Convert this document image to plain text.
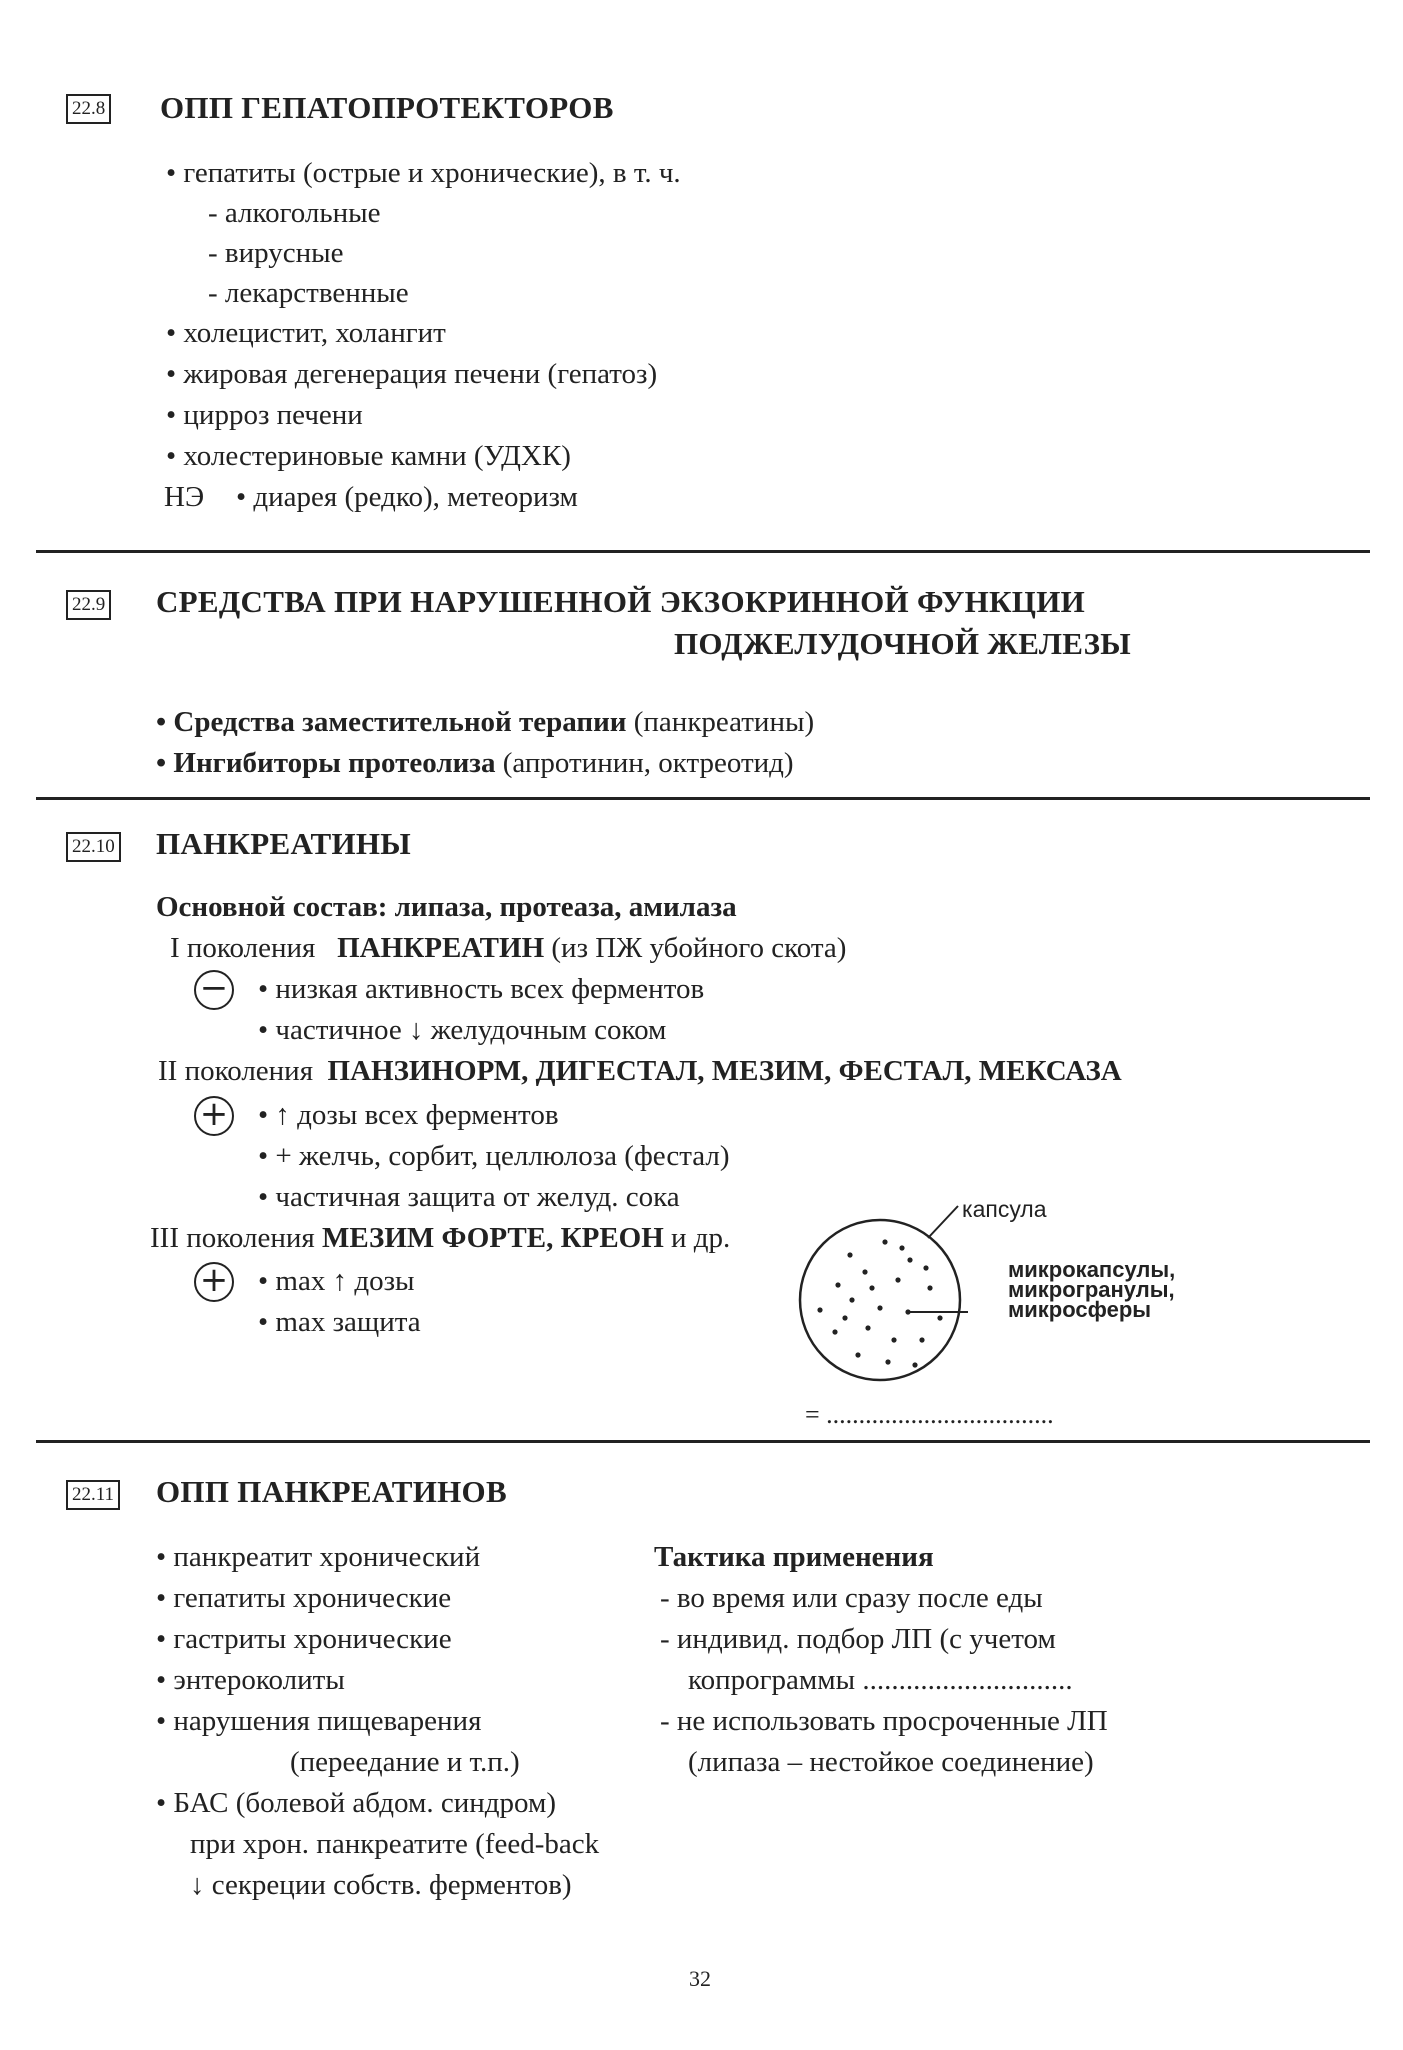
22.8 ОПП ГЕПАТОПРОТЕКТОРОВ
• гепатиты (острые и хронические), в т. ч.
- алкогольные
- вирусные
- лекарственные
• холецистит, холангит
• жировая дегенерация печени (гепатоз)
• цирроз печени
• холестериновые камни (УДХК)
НЭ • диарея (редко), метеоризм
22.9 СРЕДСТВА ПРИ НАРУШЕННОЙ ЭКЗОКРИННОЙ ФУНКЦИИ
ПОДЖЕЛУДОЧНОЙ ЖЕЛЕЗЫ
• Средства заместительной терапии (панкреатины)
• Ингибиторы протеолиза (апротинин, октреотид)
22.10 ПАНКРЕАТИНЫ
Основной состав: липаза, протеаза, амилаза
I поколения ПАНКРЕАТИН (из ПЖ убойного скота)
− • низкая активность всех ферментов
• частичное ↓ желудочным соком
II поколения ПАНЗИНОРМ, ДИГЕСТАЛ, МЕЗИМ, ФЕСТАЛ, МЕКСАЗА
+ • ↑ дозы всех ферментов
• + желчь, сорбит, целлюлоза (фестал)
• частичная защита от желуд. сока
III поколения МЕЗИМ ФОРТЕ, КРЕОН и др.
+ • max ↑ дозы
• max защита
капсула
микрокапсулы,
микрогранулы,
микросферы
= ...................................
22.11 ОПП ПАНКРЕАТИНОВ
• панкреатит хронический
• гепатиты хронические
• гастриты хронические
• энтероколиты
• нарушения пищеварения
(переедание и т.п.)
• БАС (болевой абдом. синдром)
при хрон. панкреатите (feed-back
↓ секреции собств. ферментов)
Тактика применения
- во время или сразу после еды
- индивид. подбор ЛП (с учетом
копрограммы .............................
- не использовать просроченные ЛП
(липаза – нестойкое соединение)
32
